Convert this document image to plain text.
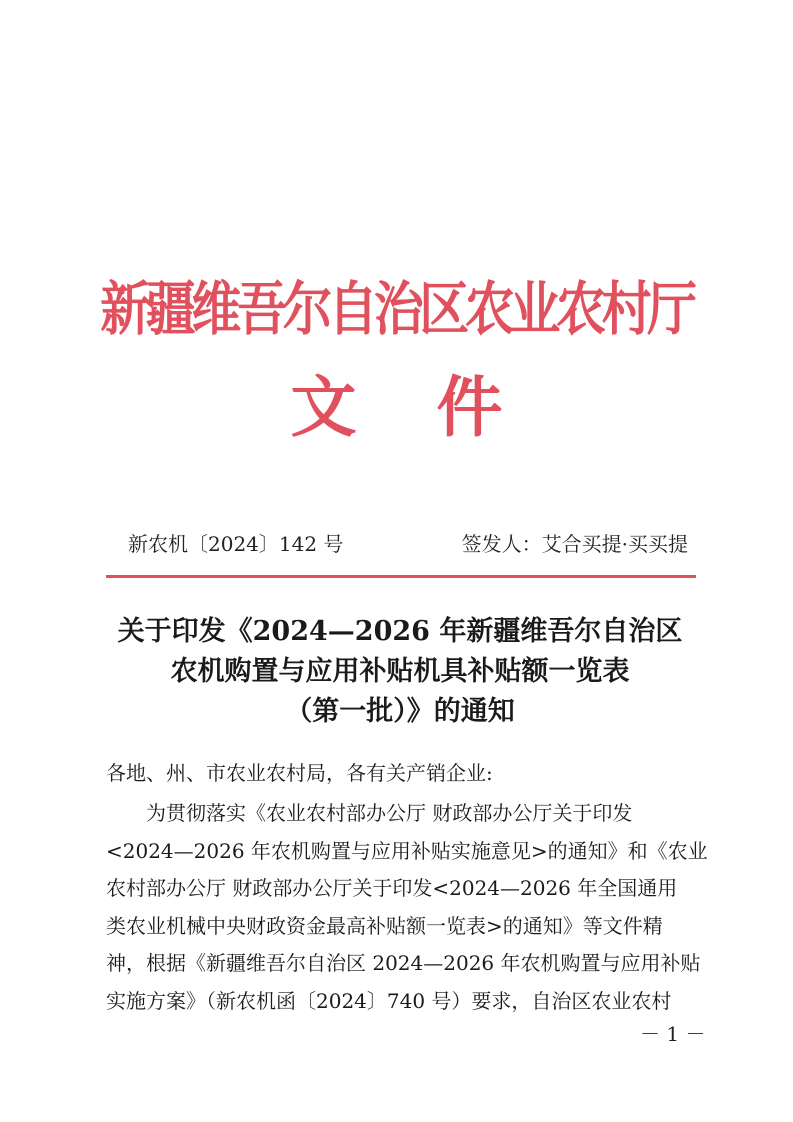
新疆维吾尔自治区农业农村厅
文 件
新农机〔2024〕142 号	签发人：艾合买提·买买提
关于印发《2024—2026 年新疆维吾尔自治区
农机购置与应用补贴机具补贴额一览表
（第一批）》的通知
各地、州、市农业农村局，各有关产销企业:
为贯彻落实《农业农村部办公厅 财政部办公厅关于印发
<2024—2026 年农机购置与应用补贴实施意见>的通知》和《农业
农村部办公厅 财政部办公厅关于印发<2024—2026 年全国通用
类农业机械中央财政资金最高补贴额一览表>的通知》等文件精
神，根据《新疆维吾尔自治区 2024—2026 年农机购置与应用补贴
实施方案》（新农机函〔2024〕740 号）要求，自治区农业农村
－ 1 －
